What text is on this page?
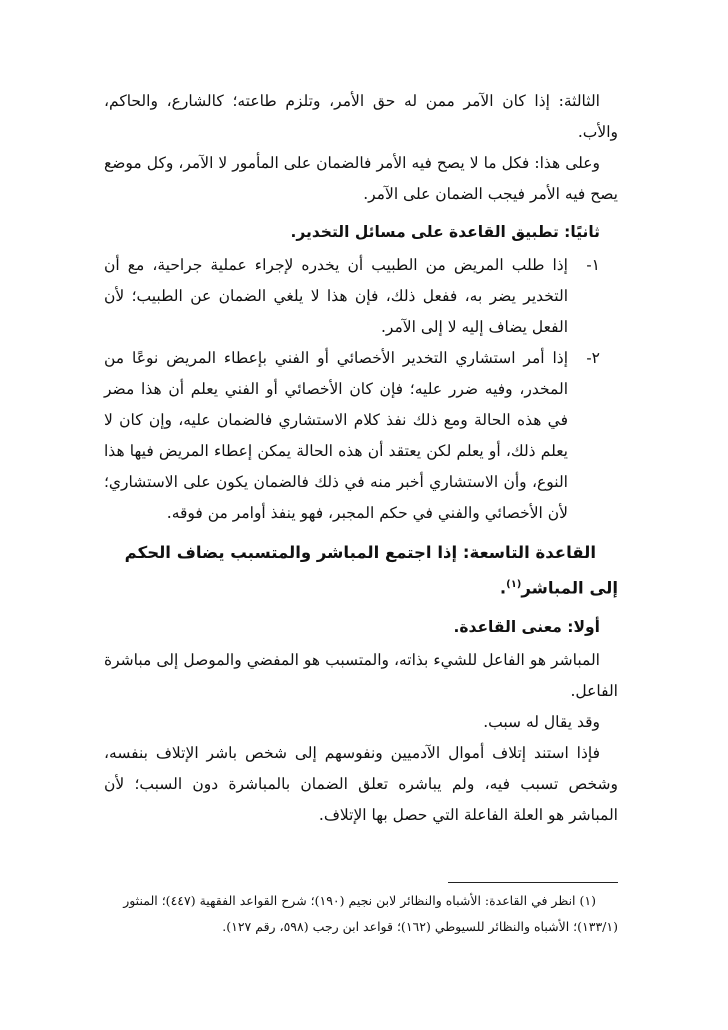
الثالثة: إذا كان الآمر ممن له حق الأمر، وتلزم طاعته؛ كالشارع، والحاكم، والأب.

وعلى هذا: فكل ما لا يصح فيه الأمر فالضمان على المأمور لا الآمر، وكل موضع يصح فيه الأمر فيجب الضمان على الآمر.

ثانيًا: تطبيق القاعدة على مسائل التخدير.
١-

إذا طلب المريض من الطبيب أن يخدره لإجراء عملية جراحية، مع أن التخدير يضر به، ففعل ذلك، فإن هذا لا يلغي الضمان عن الطبيب؛ لأن الفعل يضاف إليه لا إلى الآمر.

٢-

إذا أمر استشاري التخدير الأخصائي أو الفني بإعطاء المريض نوعًا من المخدر، وفيه ضرر عليه؛ فإن كان الأخصائي أو الفني يعلم أن هذا مضر في هذه الحالة ومع ذلك نفذ كلام الاستشاري فالضمان عليه، وإن كان لا يعلم ذلك، أو يعلم لكن يعتقد أن هذه الحالة يمكن إعطاء المريض فيها هذا النوع، وأن الاستشاري أخبر منه في ذلك فالضمان يكون على الاستشاري؛ لأن الأخصائي والفني في حكم المجبر، فهو ينفذ أوامر من فوقه.

القاعدة التاسعة: إذا اجتمع المباشر والمتسبب يضاف الحكم إلى المباشر$^{(١)}$.
أولا: معنى القاعدة.

المباشر هو الفاعل للشيء بذاته، والمتسبب هو المفضي والموصل إلى مباشرة الفاعل.

وقد يقال له سبب.

فإذا استند إتلاف أموال الآدميين ونفوسهم إلى شخص باشر الإتلاف بنفسه، وشخص تسبب فيه، ولم يباشره تعلق الضمان بالمباشرة دون السبب؛ لأن المباشر هو العلة الفاعلة التي حصل بها الإتلاف.

(١) انظر في القاعدة: الأشباه والنظائر لابن نجيم (١٩٠)؛ شرح القواعد الفقهية (٤٤٧)؛ المنثور

(١٣٣/١)؛ الأشباه والنظائر للسيوطي (١٦٢)؛ قواعد ابن رجب (٥٩٨، رقم ١٢٧).
